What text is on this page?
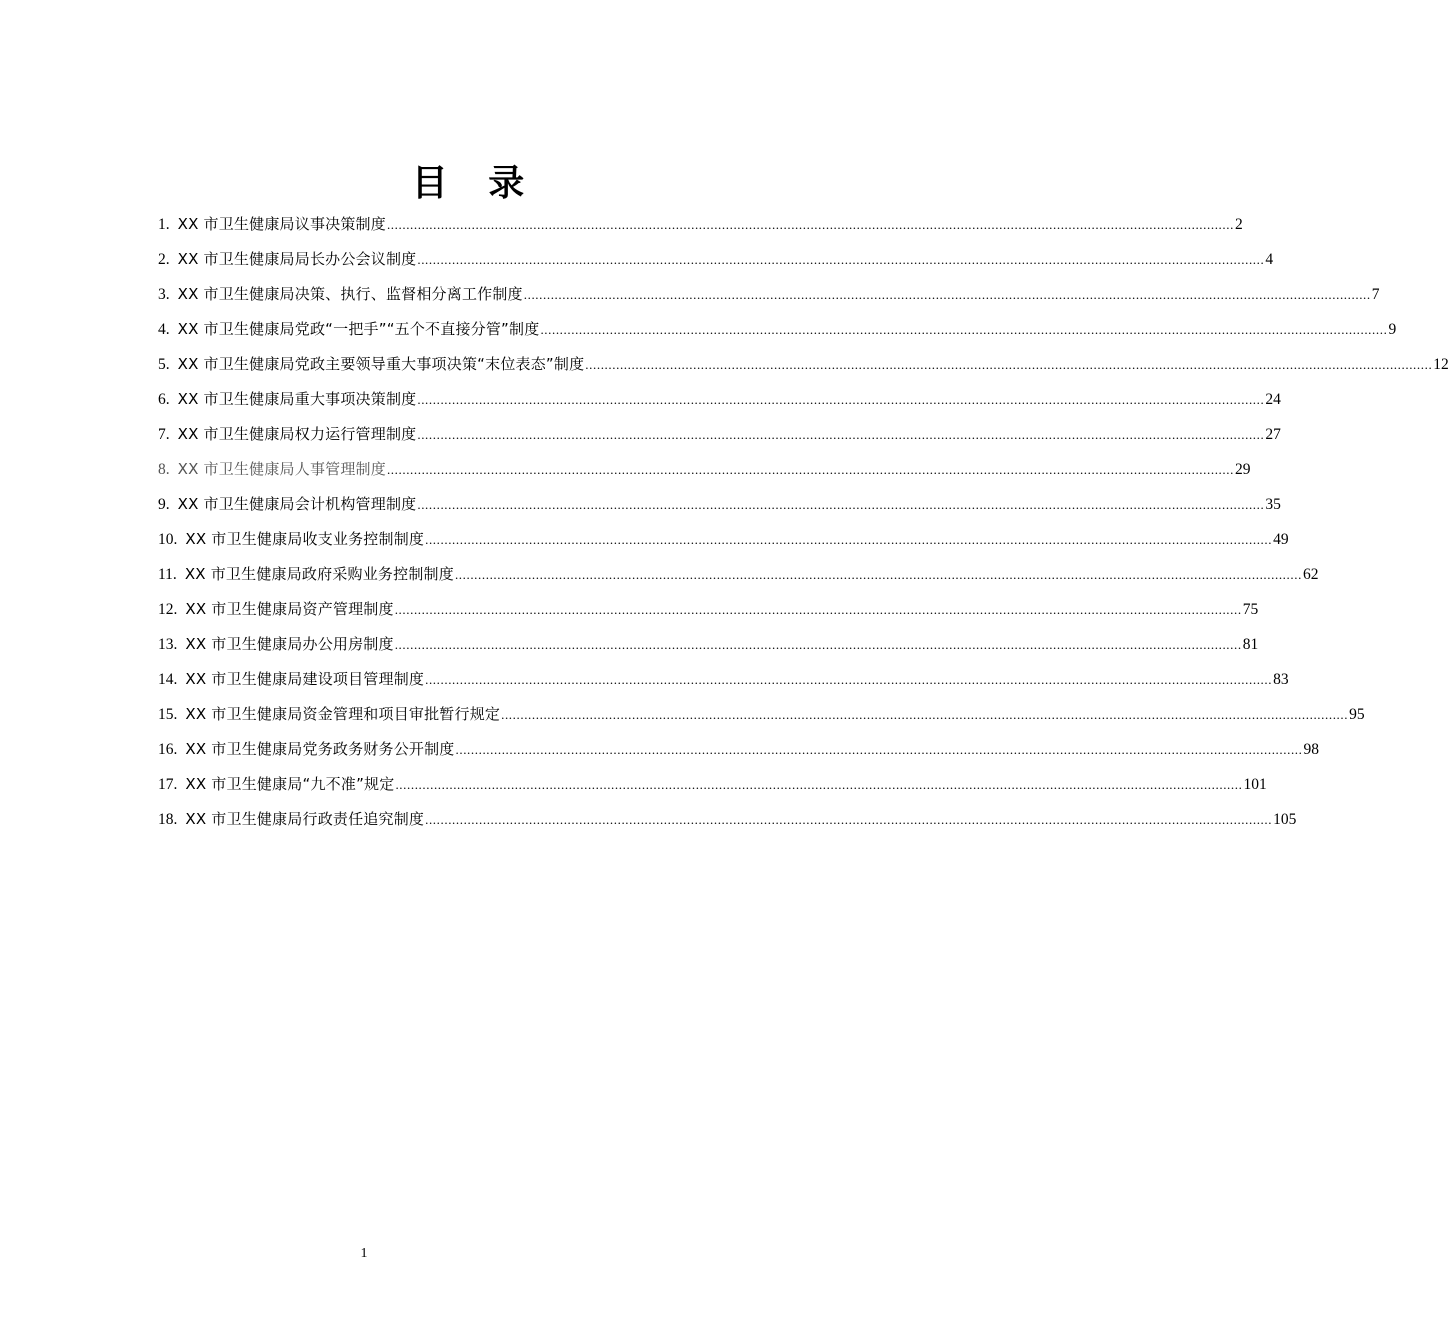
目 录
1. XX 市卫生健康局议事决策制度 ............................................................................................................................................................................................................................ 2
2. XX 市卫生健康局局长办公会议制度 ............................................................................................................................................................................................................................ 4
3. XX 市卫生健康局决策、执行、监督相分离工作制度 ............................................................................................................................................................................................................................ 7
4. XX 市卫生健康局党政“一把手”“五个不直接分管”制度 ............................................................................................................................................................................................................................ 9
5. XX 市卫生健康局党政主要领导重大事项决策“末位表态”制度 ............................................................................................................................................................................................................................ 12
6. XX 市卫生健康局重大事项决策制度 ............................................................................................................................................................................................................................ 24
7. XX 市卫生健康局权力运行管理制度 ............................................................................................................................................................................................................................ 27
8. XX 市卫生健康局人事管理制度 ............................................................................................................................................................................................................................ 29
9. XX 市卫生健康局会计机构管理制度 ............................................................................................................................................................................................................................ 35
10. XX 市卫生健康局收支业务控制制度 ............................................................................................................................................................................................................................ 49
11. XX 市卫生健康局政府采购业务控制制度 ............................................................................................................................................................................................................................ 62
12. XX 市卫生健康局资产管理制度 ............................................................................................................................................................................................................................ 75
13. XX 市卫生健康局办公用房制度 ............................................................................................................................................................................................................................ 81
14. XX 市卫生健康局建设项目管理制度 ............................................................................................................................................................................................................................ 83
15. XX 市卫生健康局资金管理和项目审批暂行规定 ............................................................................................................................................................................................................................ 95
16. XX 市卫生健康局党务政务财务公开制度 ............................................................................................................................................................................................................................ 98
17. XX 市卫生健康局“九不准”规定 ............................................................................................................................................................................................................................ 101
18. XX 市卫生健康局行政责任追究制度 ............................................................................................................................................................................................................................ 105
1
